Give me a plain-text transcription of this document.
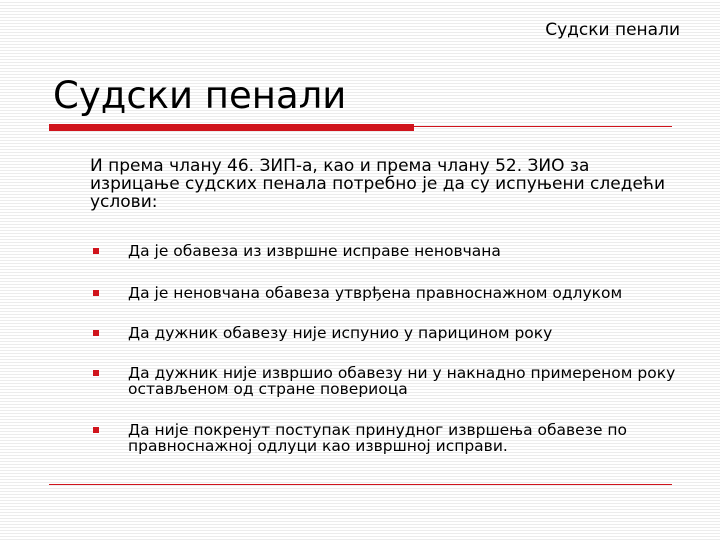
Судски пенали
Судски пенали
И према члану 46. ЗИП-а, као и према члану 52. ЗИО за изрицање судских пенала потребно је да су испуњени следећи услови:
Да је обавеза из извршне исправе неновчана
Да је неновчана обавеза утврђена правноснажном одлуком
Да дужник обавезу није испунио у парицином року
Да дужник није извршио обавезу ни у накнадно примереном року остављеном од стране повериоца
Да није покренут поступак принудног извршења обавезе по правноснажној одлуци као извршној исправи.
